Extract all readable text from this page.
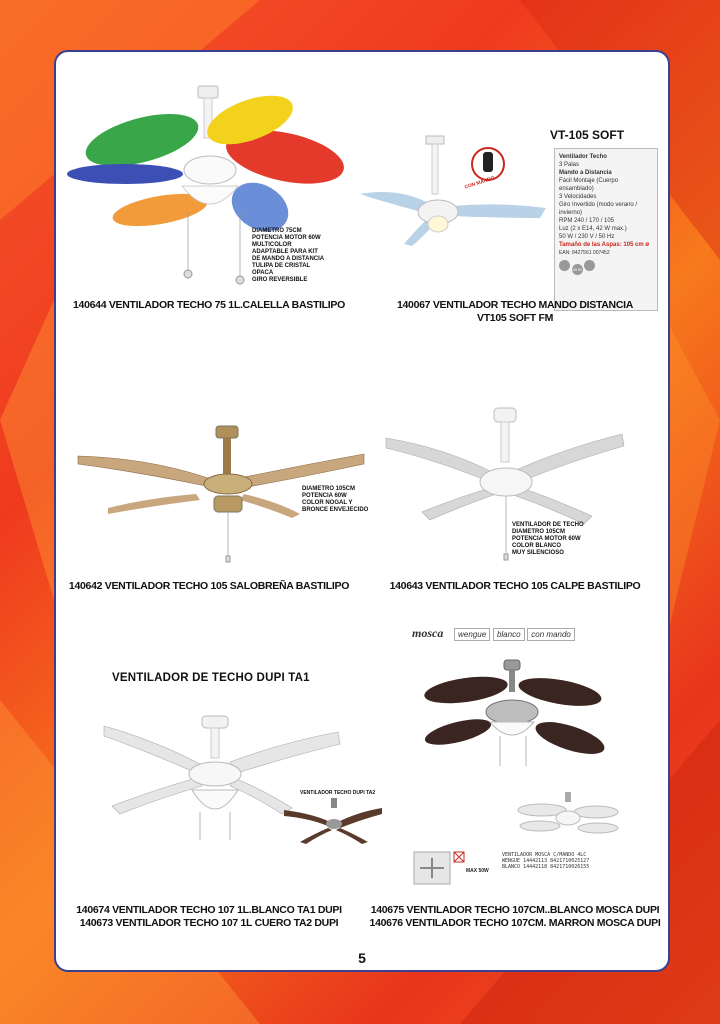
DIAMETRO 75CM
POTENCIA MOTOR 60W
MULTICOLOR
ADAPTABLE PARA KIT
DE MANDO A DISTANCIA
TULIPA DE CRISTAL
OPACA
GIRO REVERSIBLE
140644 VENTILADOR TECHO 75 1L.CALELLA BASTILIPO
CON MANDO
VT-105 SOFT
Ventilador Techo
3 Palas
Mando a Distancia
Fácil Montaje (Cuerpo ensamblado)
3 Velocidades
Giro Invertido (modo verano / invierno)
RPM 240 / 170 / 105
Luz (2 x E14, 42 W max.)
50 W / 230 V / 50 Hz
Tamaño de las Aspas: 105 cm ø
EAN: 8427561 007452
50 W
140067 VENTILADOR TECHO MANDO DISTANCIA
VT105 SOFT FM
DIAMETRO 105CM
POTENCIA 60W
COLOR NOGAL Y
BRONCE ENVEJECIDO
140642 VENTILADOR TECHO 105 SALOBREÑA BASTILIPO
VENTILADOR DE TECHO
DIAMETRO 105CM
POTENCIA MOTOR 60W
COLOR BLANCO
MUY SILENCIOSO
140643 VENTILADOR TECHO 105 CALPE BASTILIPO
VENTILADOR DE TECHO DUPI TA1
VENTILADOR TECHO DUPI TA2
140674 VENTILADOR TECHO 107 1L.BLANCO TA1 DUPI
140673 VENTILADOR TECHO 107 1L CUERO TA2 DUPI
mosca wengue blanco con mando
MAX 50W
VENTILADOR MOSCA C/MANDO 4LC
WENGUE 14442113 8421710025127
BLANCO 14442118 8421710026155
140675 VENTILADOR TECHO 107CM..BLANCO MOSCA DUPI
140676 VENTILADOR TECHO 107CM. MARRON MOSCA DUPI
5
